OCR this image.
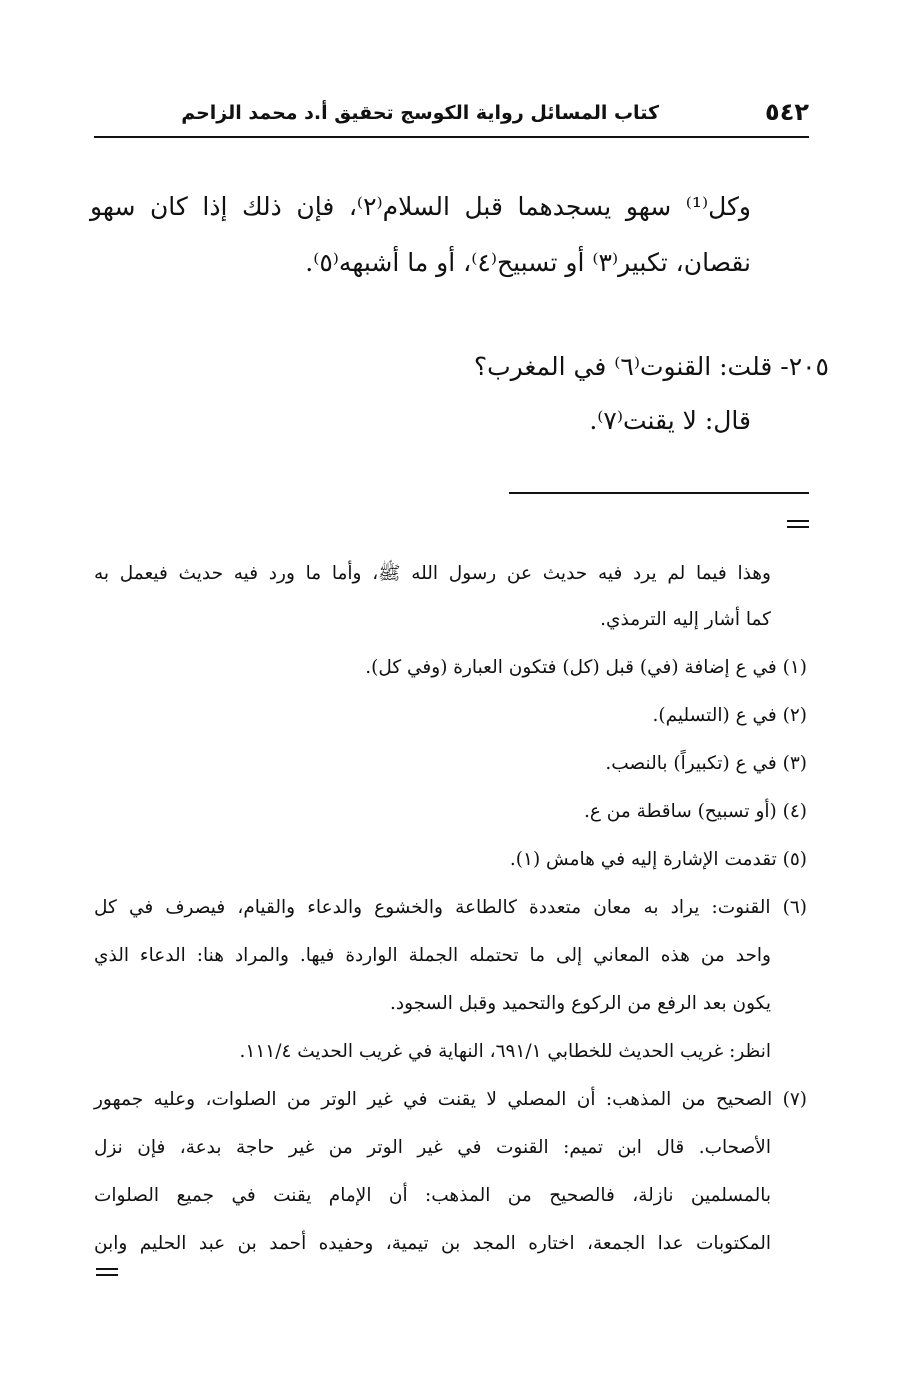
٥٤٢
كتاب المسائل رواية الكوسج تحقيق أ.د محمد الزاحم
وكل⁽¹⁾ سهو يسجدهما قبل السلام⁽٢⁾، فإن ذلك إذا كان سهو
نقصان، تكبير⁽٣⁾ أو تسبيح⁽٤⁾، أو ما أشبهه⁽٥⁾.
٢٠٥- قلت: القنوت⁽٦⁾ في المغرب؟
قال: لا يقنت⁽٧⁾.
وهذا فيما لم يرد فيه حديث عن رسول الله ﷺ، وأما ما ورد فيه حديث فيعمل به
كما أشار إليه الترمذي.
(١) في ع إضافة (في) قبل (كل) فتكون العبارة (وفي كل).
(٢) في ع (التسليم).
(٣) في ع (تكبيراً) بالنصب.
(٤) (أو تسبيح) ساقطة من ع.
(٥) تقدمت الإشارة إليه في هامش (١).
(٦) القنوت: يراد به معان متعددة كالطاعة والخشوع والدعاء والقيام، فيصرف في كل
واحد من هذه المعاني إلى ما تحتمله الجملة الواردة فيها. والمراد هنا: الدعاء الذي
يكون بعد الرفع من الركوع والتحميد وقبل السجود.
انظر: غريب الحديث للخطابي ٦٩١/١، النهاية في غريب الحديث ١١١/٤.
(٧) الصحيح من المذهب: أن المصلي لا يقنت في غير الوتر من الصلوات، وعليه جمهور
الأصحاب. قال ابن تميم: القنوت في غير الوتر من غير حاجة بدعة، فإن نزل
بالمسلمين نازلة، فالصحيح من المذهب: أن الإمام يقنت في جميع الصلوات
المكتوبات عدا الجمعة، اختاره المجد بن تيمية، وحفيده أحمد بن عبد الحليم وابن
